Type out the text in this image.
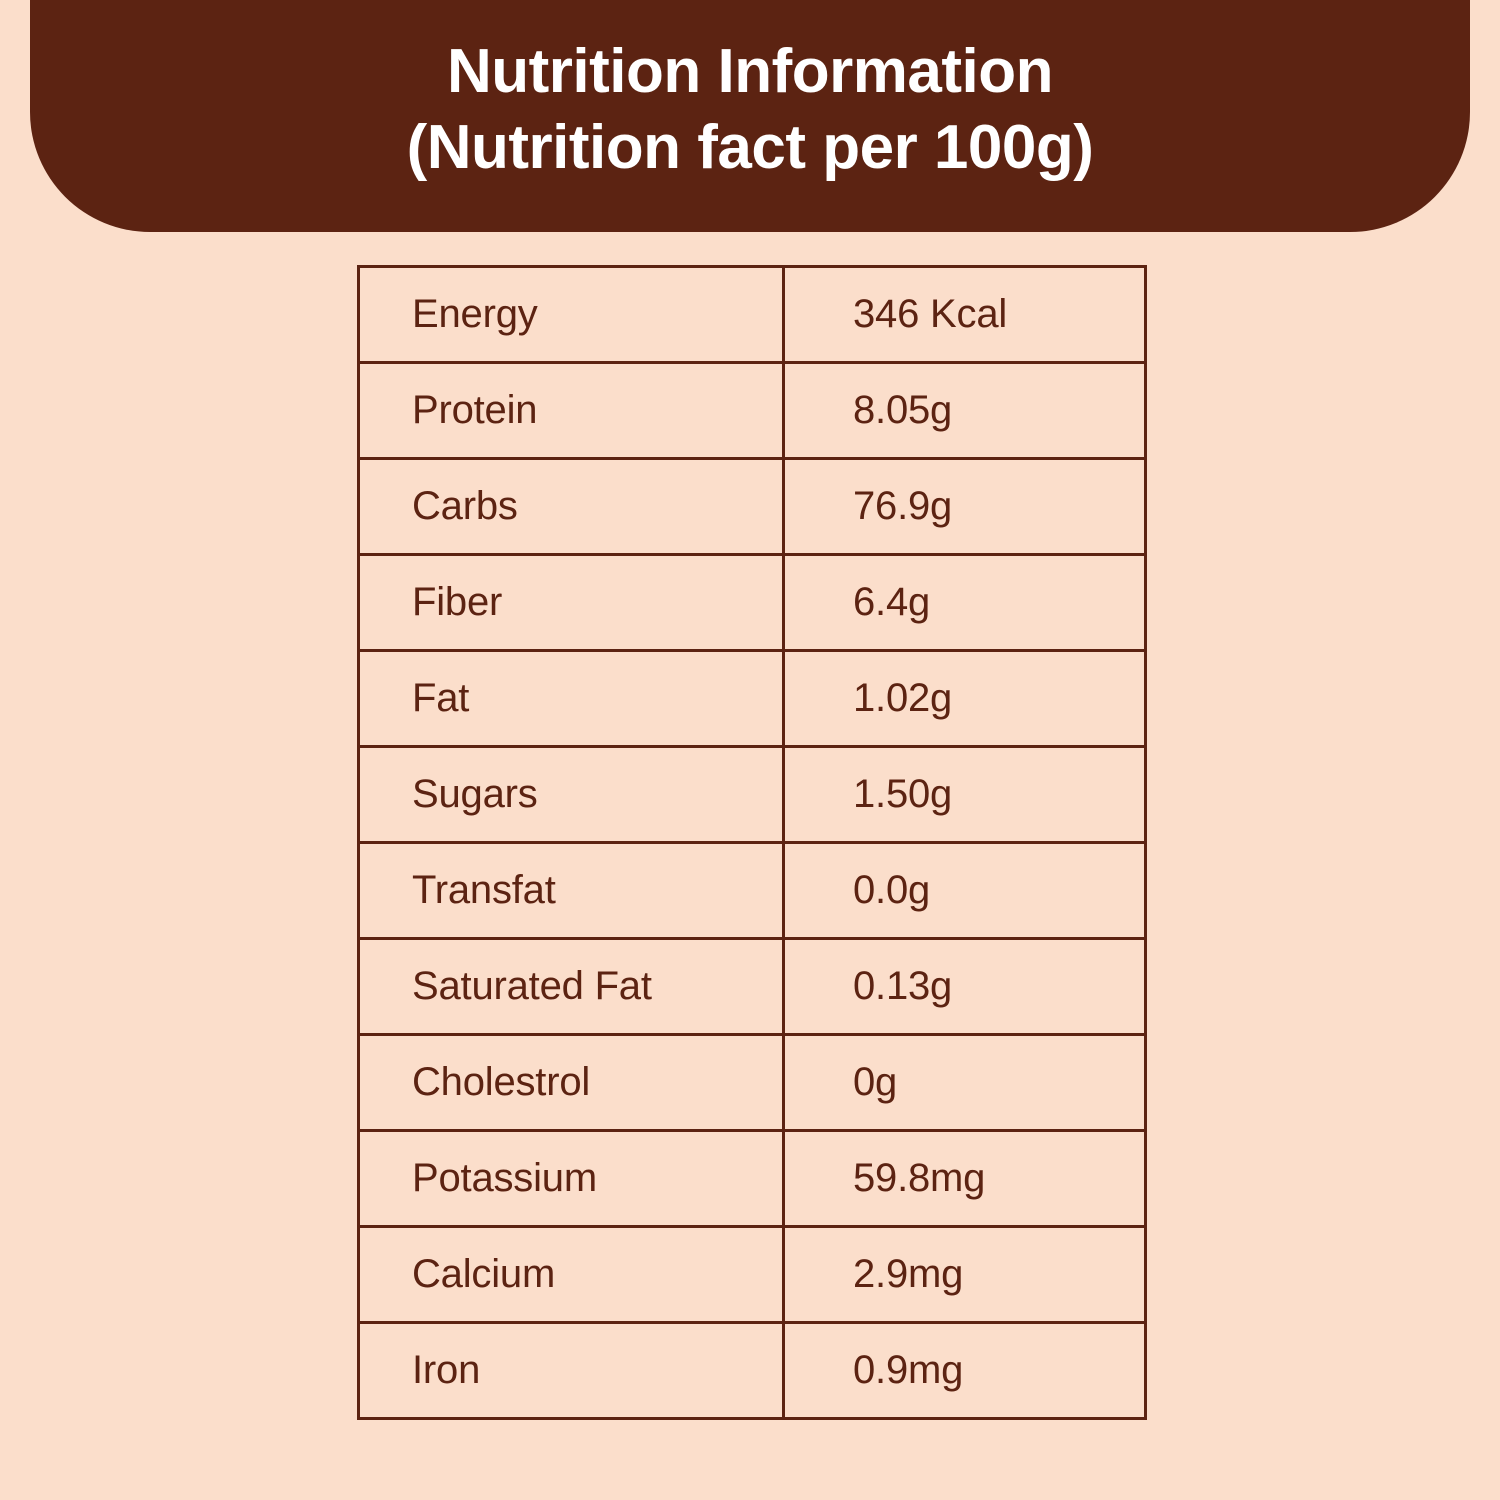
Nutrition Information
(Nutrition fact per 100g)
Energy	346 Kcal
Protein	8.05g
Carbs	76.9g
Fiber	6.4g
Fat	1.02g
Sugars	1.50g
Transfat	0.0g
Saturated Fat	0.13g
Cholestrol	0g
Potassium	59.8mg
Calcium	2.9mg
Iron	0.9mg
